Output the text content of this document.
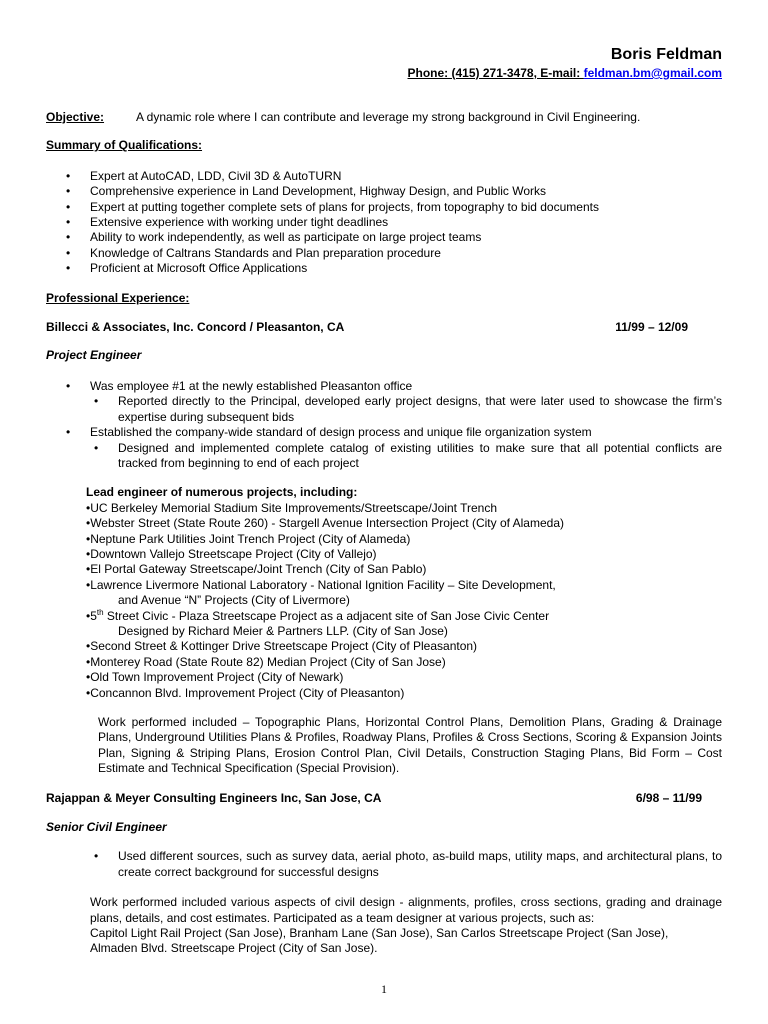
Boris Feldman
Phone: (415) 271-3478, E-mail: feldman.bm@gmail.com
Objective:	A dynamic role where I can contribute and leverage my strong background in Civil Engineering.
Summary of Qualifications:
• Expert at AutoCAD, LDD, Civil 3D & AutoTURN
• Comprehensive experience in Land Development, Highway Design, and Public Works
• Expert at putting together complete sets of plans for projects, from topography to bid documents
• Extensive experience with working under tight deadlines
• Ability to work independently, as well as participate on large project teams
• Knowledge of Caltrans Standards and Plan preparation procedure
• Proficient at Microsoft Office Applications
Professional Experience:
Billecci & Associates, Inc. Concord / Pleasanton, CA	11/99 – 12/09
Project Engineer
• Was employee #1 at the newly established Pleasanton office
• Reported directly to the Principal, developed early project designs, that were later used to showcase the firm’s expertise during subsequent bids
• Established the company-wide standard of design process and unique file organization system
• Designed and implemented complete catalog of existing utilities to make sure that all potential conflicts are tracked from beginning to end of each project
Lead engineer of numerous projects, including:
•UC Berkeley Memorial Stadium Site Improvements/Streetscape/Joint Trench
•Webster Street (State Route 260) - Stargell Avenue Intersection Project (City of Alameda)
•Neptune Park Utilities Joint Trench Project (City of Alameda)
•Downtown Vallejo Streetscape Project (City of Vallejo)
•El Portal Gateway Streetscape/Joint Trench (City of San Pablo)
•Lawrence Livermore National Laboratory - National Ignition Facility – Site Development,
and Avenue “N” Projects (City of Livermore)
•5th Street Civic - Plaza Streetscape Project as a adjacent site of San Jose Civic Center
Designed by Richard Meier & Partners LLP. (City of San Jose)
•Second Street & Kottinger Drive Streetscape Project (City of Pleasanton)
•Monterey Road (State Route 82) Median Project (City of San Jose)
•Old Town Improvement Project (City of Newark)
•Concannon Blvd. Improvement Project (City of Pleasanton)
Work performed included – Topographic Plans, Horizontal Control Plans, Demolition Plans, Grading & Drainage Plans, Underground Utilities Plans & Profiles, Roadway Plans, Profiles & Cross Sections, Scoring & Expansion Joints Plan, Signing & Striping Plans, Erosion Control Plan, Civil Details, Construction Staging Plans, Bid Form – Cost Estimate and Technical Specification (Special Provision).
Rajappan & Meyer Consulting Engineers Inc, San Jose, CA	6/98 – 11/99
Senior Civil Engineer
• Used different sources, such as survey data, aerial photo, as-build maps, utility maps, and architectural plans, to create correct background for successful designs
Work performed included various aspects of civil design - alignments, profiles, cross sections, grading and drainage plans, details, and cost estimates. Participated as a team designer at various projects, such as:
Capitol Light Rail Project (San Jose), Branham Lane (San Jose), San Carlos Streetscape Project (San Jose),
Almaden Blvd. Streetscape Project (City of San Jose).
1
